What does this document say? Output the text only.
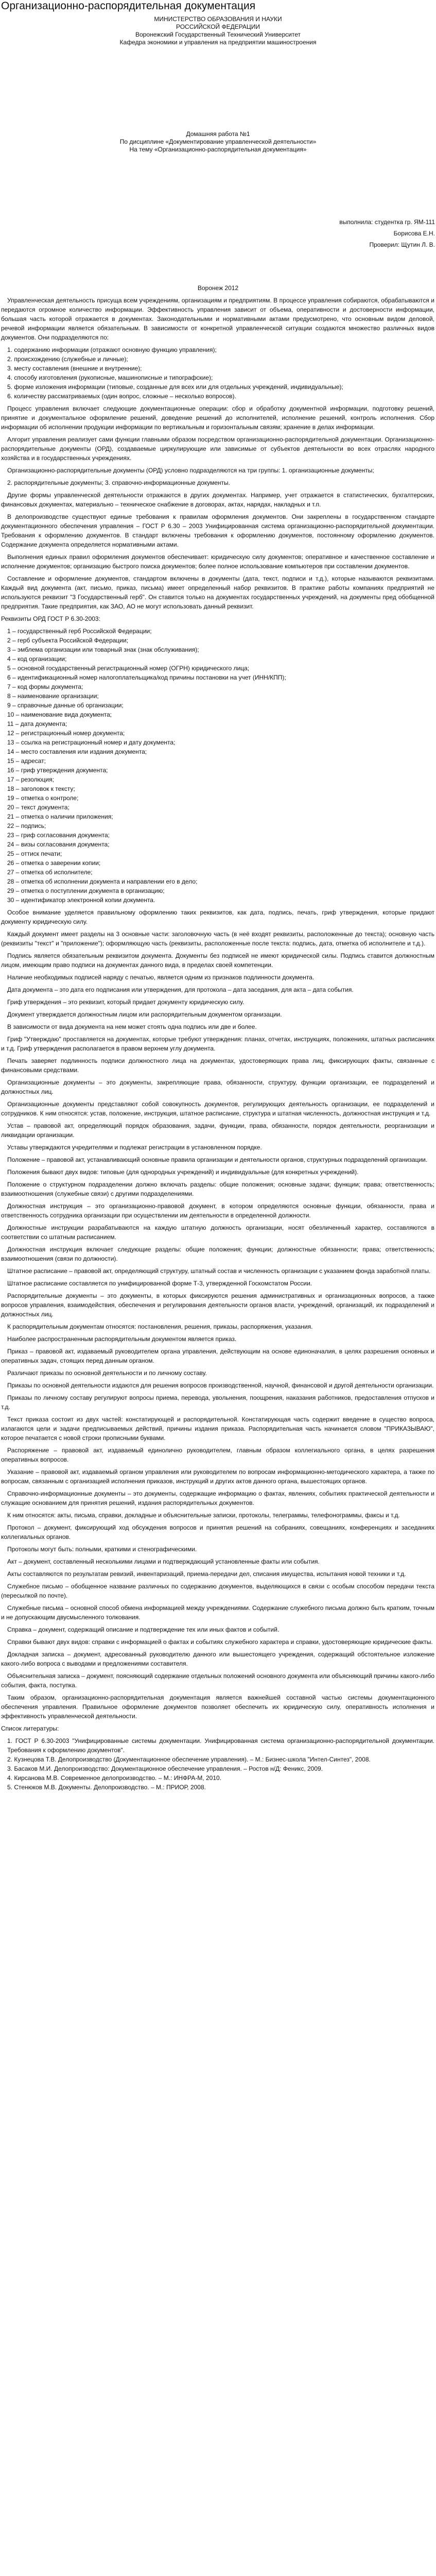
Организационно-распорядительная документация
МИНИСТЕРСТВО ОБРАЗОВАНИЯ И НАУКИ
РОССИЙСКОЙ ФЕДЕРАЦИИ
Воронежский Государственный Технический Университет
Кафедра экономики и управления на предприятии машиностроения
Домашняя работа №1
По дисциплине «Документирование управленческой деятельности»
На тему «Организационно-распорядительная документация»
выполнила: студентка гр. ЯМ-111
Борисова Е.Н.
Проверил: Щутин Л. В.
Воронеж 2012

Управленческая деятельность присуща всем учреждениям, организациям и предприятиям. В процессе управления собираются, обрабатываются и передаются огромное количество информации. Эффективность управления зависит от объема, оперативности и достоверности информации, большая часть которой отражается в документах. Законодательными и нормативными актами предусмотрено, что основным видом деловой, речевой информации является обязательным. В зависимости от конкретной управленческой ситуации создаются множество различных видов документов. Они подразделяются по:

1. содержанию информации (отражают основную функцию управления);
2. происхождению (служебные и личные);
3. месту составления (внешние и внутренние);
4. способу изготовления (рукописные, машинописные и типографские);
5. форме изложения информации (типовые, созданные для всех или для отдельных учреждений, индивидуальные);
6. количеству рассматриваемых (один вопрос, сложные – несколько вопросов).

Процесс управления включает следующие документационные операции: сбор и обработку документной информации, подготовку решений, принятие и документальное оформление решений, доведение решений до исполнителей, исполнение решений, контроль исполнения. Сбор информации об исполнении продукции информации по вертикальным и горизонтальным связям; хранение в делах информации.

Алгорит управления реализует сами функции главными образом посредством организационно-распорядительной документации. Организационно-распорядительные документы (ОРД), создаваемые циркулирующие или зависимые от субъектов деятельности во всех отраслях народного хозяйства и в государственных учреждениях.

Организационно-распорядительные документы (ОРД) условно подразделяются на три группы: 1. организационные документы;

2. распорядительные документы; 3. справочно-информационные документы.

Другие формы управленческой деятельности отражаются в других документах. Например, учет отражается в статистических, бухгалтерских, финансовых документах, материально – техническое снабжение в договорах, актах, нарядах, накладных и т.п.

В делопроизводстве существуют единые требования к правилам оформления документов. Они закреплены в государственном стандарте документационного обеспечения управления – ГОСТ Р 6.30 – 2003 Унифицированная система организационно-распорядительной документации. Требования к оформлению документов. В стандарт включены требования к оформлению документов, постоянному оформлению документов. Содержание документа определяется нормативными актами.

Выполнения единых правил оформления документов обеспечивает: юридическую силу документов; оперативное и качественное составление и исполнение документов; организацию быстрого поиска документов; более полное использование компьютеров при составлении документов.

Составление и оформление документов, стандартом включены в документы (дата, текст, подписи и т.д.), которые называются реквизитами. Каждый вид документа (акт, письмо, приказ, письма) имеет определенный набор реквизитов. В практике работы компаниях предприятий не используются реквизит "3 Государственный герб". Он ставится только на документах государственных учреждений, на документы пред обобщенной предприятия. Такие предприятия, как ЗАО, АО не могут использовать данный реквизит.

Реквизиты ОРД ГОСТ Р 6.30-2003:

1 – государственный герб Российской Федерации;
2 – герб субъекта Российской Федерации;
3 – эмблема организации или товарный знак (знак обслуживания);
4 – код организации;
5 – основной государственный регистрационный номер (ОГРН) юридического лица;
6 – идентификационный номер налогоплательщика/код причины постановки на учет (ИНН/КПП);
7 – код формы документа;
8 – наименование организации;
9 – справочные данные об организации;
10 – наименование вида документа;
11 – дата документа;
12 – регистрационный номер документа;
13 – ссылка на регистрационный номер и дату документа;
14 – место составления или издания документа;
15 – адресат;
16 – гриф утверждения документа;
17 – резолюция;
18 – заголовок к тексту;
19 – отметка о контроле;
20 – текст документа;
21 – отметка о наличии приложения;
22 – подпись;
23 – гриф согласования документа;
24 – визы согласования документа;
25 – оттиск печати;
26 – отметка о заверении копии;
27 – отметка об исполнителе;
28 – отметка об исполнении документа и направлении его в дело;
29 – отметка о поступлении документа в организацию;
30 – идентификатор электронной копии документа.

Особое внимание уделяется правильному оформлению таких реквизитов, как дата, подпись, печать, гриф утверждения, которые придают документу юридическую силу.

Каждый документ имеет разделы на 3 основные части: заголовочную часть (в неё входят реквизиты, расположенные до текста); основную часть (реквизиты "текст" и "приложение"); оформляющую часть (реквизиты, расположенные после текста: подпись, дата, отметка об исполнителе и т.д.).

Подпись является обязательным реквизитом документа. Документы без подписей не имеют юридической силы. Подпись ставится должностным лицом, имеющим право подписи на документах данного вида, в пределах своей компетенции.

Наличие необходимых подписей наряду с печатью, является одним из признаков подлинности документа.

Дата документа – это дата его подписания или утверждения, для протокола – дата заседания, для акта – дата события.

Гриф утверждения – это реквизит, который придает документу юридическую силу.

Документ утверждается должностным лицом или распорядительным документом организации.

В зависимости от вида документа на нем может стоять одна подпись или две и более.

Гриф "Утверждаю" проставляется на документах, которые требуют утверждения: планах, отчетах, инструкциях, положениях, штатных расписаниях и т.д. Гриф утверждения располагается в правом верхнем углу документа.

Печать заверяет подлинность подписи должностного лица на документах, удостоверяющих права лиц, фиксирующих факты, связанные с финансовыми средствами.

Организационные документы – это документы, закрепляющие права, обязанности, структуру, функции организации, ее подразделений и должностных лиц.

Организационные документы представляют собой совокупность документов, регулирующих деятельность организации, ее подразделений и сотрудников. К ним относятся: устав, положение, инструкция, штатное расписание, структура и штатная численность, должностная инструкция и т.д.

Устав – правовой акт, определяющий порядок образования, задачи, функции, права, обязанности, порядок деятельности, реорганизации и ликвидации организации.

Уставы утверждаются учредителями и подлежат регистрации в установленном порядке.

Положение – правовой акт, устанавливающий основные правила организации и деятельности органов, структурных подразделений организации.

Положения бывают двух видов: типовые (для однородных учреждений) и индивидуальные (для конкретных учреждений).

Положение о структурном подразделении должно включать разделы: общие положения; основные задачи; функции; права; ответственность; взаимоотношения (служебные связи) с другими подразделениями.

Должностная инструкция – это организационно-правовой документ, в котором определяются основные функции, обязанности, права и ответственность сотрудника организации при осуществлении им деятельности в определенной должности.

Должностные инструкции разрабатываются на каждую штатную должность организации, носят обезличенный характер, составляются в соответствии со штатным расписанием.

Должностная инструкция включает следующие разделы: общие положения; функции; должностные обязанности; права; ответственность; взаимоотношения (связи по должности).

Штатное расписание – правовой акт, определяющий структуру, штатный состав и численность организации с указанием фонда заработной платы.

Штатное расписание составляется по унифицированной форме Т-3, утвержденной Госкомстатом России.

Распорядительные документы – это документы, в которых фиксируются решения административных и организационных вопросов, а также вопросов управления, взаимодействия, обеспечения и регулирования деятельности органов власти, учреждений, организаций, их подразделений и должностных лиц.

К распорядительным документам относятся: постановления, решения, приказы, распоряжения, указания.

Наиболее распространенным распорядительным документом является приказ.

Приказ – правовой акт, издаваемый руководителем органа управления, действующим на основе единоначалия, в целях разрешения основных и оперативных задач, стоящих перед данным органом.

Различают приказы по основной деятельности и по личному составу.

Приказы по основной деятельности издаются для решения вопросов производственной, научной, финансовой и другой деятельности организации.

Приказы по личному составу регулируют вопросы приема, перевода, увольнения, поощрения, наказания работников, предоставления отпусков и т.д.

Текст приказа состоит из двух частей: констатирующей и распорядительной. Констатирующая часть содержит введение в существо вопроса, излагаются цели и задачи предписываемых действий, причины издания приказа. Распорядительная часть начинается словом "ПРИКАЗЫВАЮ", которое печатается с новой строки прописными буквами.

Распоряжение – правовой акт, издаваемый единолично руководителем, главным образом коллегиального органа, в целях разрешения оперативных вопросов.

Указание – правовой акт, издаваемый органом управления или руководителем по вопросам информационно-методического характера, а также по вопросам, связанным с организацией исполнения приказов, инструкций и других актов данного органа, вышестоящих органов.

Справочно-информационные документы – это документы, содержащие информацию о фактах, явлениях, событиях практической деятельности и служащие основанием для принятия решений, издания распорядительных документов.

К ним относятся: акты, письма, справки, докладные и объяснительные записки, протоколы, телеграммы, телефонограммы, факсы и т.д.

Протокол – документ, фиксирующий ход обсуждения вопросов и принятия решений на собраниях, совещаниях, конференциях и заседаниях коллегиальных органов.

Протоколы могут быть: полными, краткими и стенографическими.

Акт – документ, составленный несколькими лицами и подтверждающий установленные факты или события.

Акты составляются по результатам ревизий, инвентаризаций, приема-передачи дел, списания имущества, испытания новой техники и т.д.

Служебное письмо – обобщенное название различных по содержанию документов, выделяющихся в связи с особым способом передачи текста (пересылкой по почте).

Служебные письма – основной способ обмена информацией между учреждениями. Содержание служебного письма должно быть кратким, точным и не допускающим двусмысленного толкования.

Справка – документ, содержащий описание и подтверждение тех или иных фактов и событий.

Справки бывают двух видов: справки с информацией о фактах и событиях служебного характера и справки, удостоверяющие юридические факты.

Докладная записка – документ, адресованный руководителю данного или вышестоящего учреждения, содержащий обстоятельное изложение какого-либо вопроса с выводами и предложениями составителя.

Объяснительная записка – документ, поясняющий содержание отдельных положений основного документа или объясняющий причины какого-либо события, факта, поступка.

Таким образом, организационно-распорядительная документация является важнейшей составной частью системы документационного обеспечения управления. Правильное оформление документов позволяет обеспечить их юридическую силу, оперативность исполнения и эффективность управленческой деятельности.

Список литературы:

1. ГОСТ Р 6.30-2003 "Унифицированные системы документации. Унифицированная система организационно-распорядительной документации. Требования к оформлению документов".
2. Кузнецова Т.В. Делопроизводство (Документационное обеспечение управления). – М.: Бизнес-школа "Интел-Синтез", 2008.
3. Басаков М.И. Делопроизводство: Документационное обеспечение управления. – Ростов н/Д: Феникс, 2009.
4. Кирсанова М.В. Современное делопроизводство. – М.: ИНФРА-М, 2010.
5. Стенюков М.В. Документы. Делопроизводство. – М.: ПРИОР, 2008.
